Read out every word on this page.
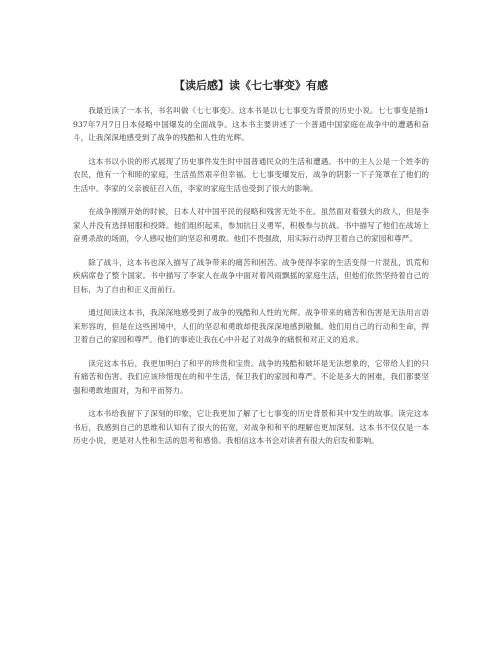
【读后感】读《七七事变》有感

我最近读了一本书，书名叫做《七七事变》。这本书是以七七事变为背景的历史小说。七七事变是指1937年7月7日日本侵略中国爆发的全面战争。这本书主要讲述了一个普通中国家庭在战争中的遭遇和奋斗，让我深深地感受到了战争的残酷和人性的光辉。

这本书以小说的形式展现了历史事件发生时中国普通民众的生活和遭遇。书中的主人公是一个姓李的农民，他有一个和睦的家庭，生活虽然艰辛但幸福。七七事变爆发后，战争的阴影一下子笼罩在了他们的生活中。李家的父亲被征召入伍，李家的家庭生活也受到了很大的影响。

在战争刚刚开始的时候，日本人对中国平民的侵略和残害无处不在。虽然面对着强大的敌人，但是李家人并没有选择屈服和投降。他们组织起来，参加抗日义勇军，积极参与抗战。书中描写了他们在战场上奋勇杀敌的场面，令人感叹他们的坚忍和勇敢。他们不畏强敌，用实际行动捍卫着自己的家园和尊严。

除了战斗，这本书也深入描写了战争带来的痛苦和困苦。战争使得李家的生活变得一片混乱，饥荒和疾病席卷了整个国家。书中描写了李家人在战争中面对着风雨飘摇的家庭生活，但他们依然坚持着自己的目标，为了自由和正义而前行。

通过阅读这本书，我深深地感受到了战争的残酷和人性的光辉。战争带来的痛苦和伤害是无法用言语来形容的，但是在这些困境中，人们的坚忍和勇敢却使我深深地感到敬佩。他们用自己的行动和生命，捍卫着自己的家园和尊严。他们的事迹让我在心中升起了对战争的痛恨和对正义的追求。

读完这本书后，我更加明白了和平的珍贵和宝贵。战争的残酷和破坏是无法想象的，它带给人们的只有痛苦和伤害。我们应该珍惜现在的和平生活，保卫我们的家园和尊严。不论是多大的困难，我们都要坚强和勇敢地面对，为和平而努力。

这本书给我留下了深刻的印象，它让我更加了解了七七事变的历史背景和其中发生的故事。读完这本书后，我感到自己的思维和认知有了很大的拓宽，对战争和和平的理解也更加深刻。这本书不仅仅是一本历史小说，更是对人性和生活的思考和感悟。我相信这本书会对读者有很大的启发和影响。
